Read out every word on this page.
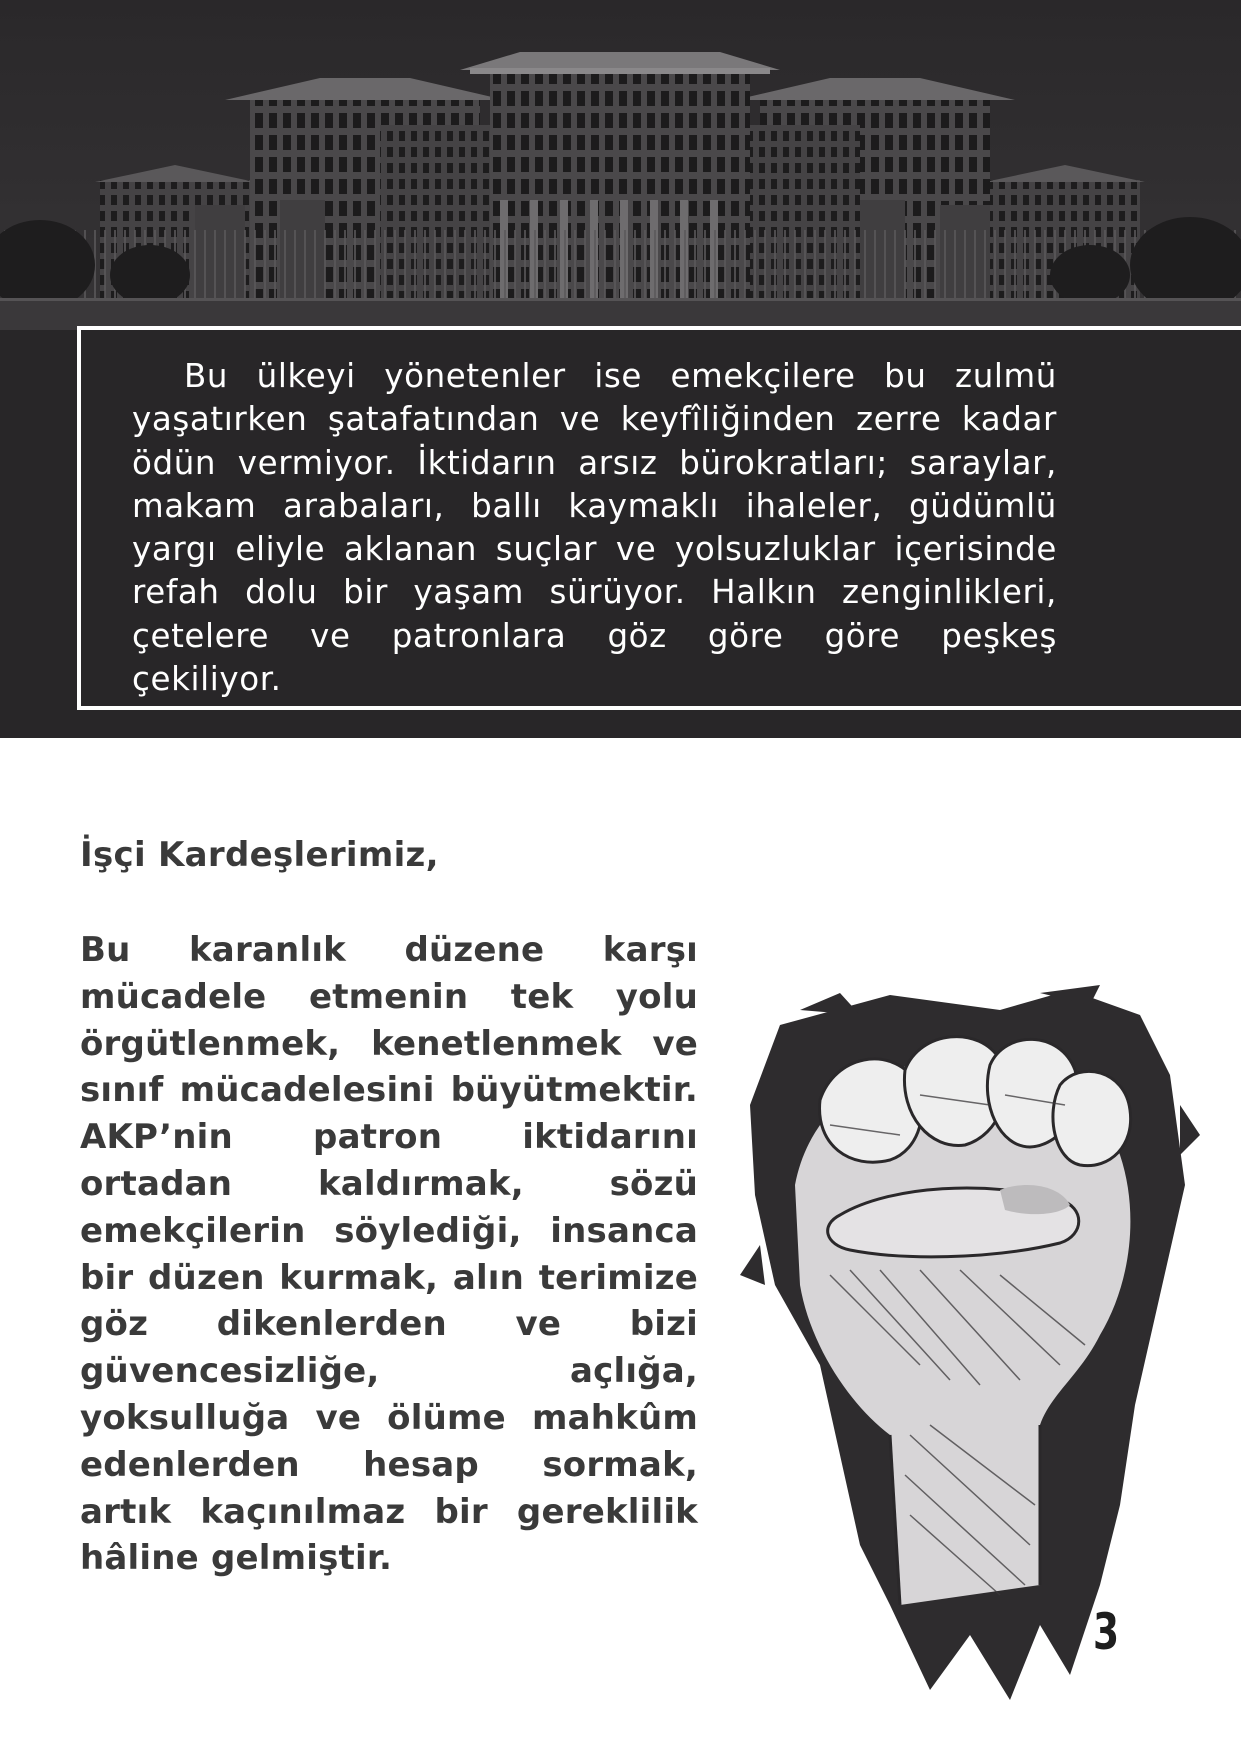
Bu ülkeyi yönetenler ise emekçilere bu zulmü yaşatırken şatafatından ve keyfîliğinden zerre kadar ödün vermiyor. İktidarın arsız bürokratları; saraylar, makam arabaları, ballı kaymaklı ihaleler, güdümlü yargı eliyle aklanan suçlar ve yolsuzluklar içerisinde refah dolu bir yaşam sürüyor. Halkın zenginlikleri, çetelere ve patronlara göz göre göre peşkeş çekiliyor.

İşçi Kardeşlerimiz,

Bu karanlık düzene karşı mücadele etmenin tek yolu örgütlenmek, kenetlenmek ve sınıf mücadelesini büyütmektir. AKP’nin patron iktidarını ortadan kaldırmak, sözü emekçilerin söylediği, insanca bir düzen kurmak, alın terimize göz dikenlerden ve bizi güvencesizliğe, açlığa, yoksulluğa ve ölüme mahkûm edenlerden hesap sormak, artık kaçınılmaz bir gereklilik hâline gelmiştir.

3
